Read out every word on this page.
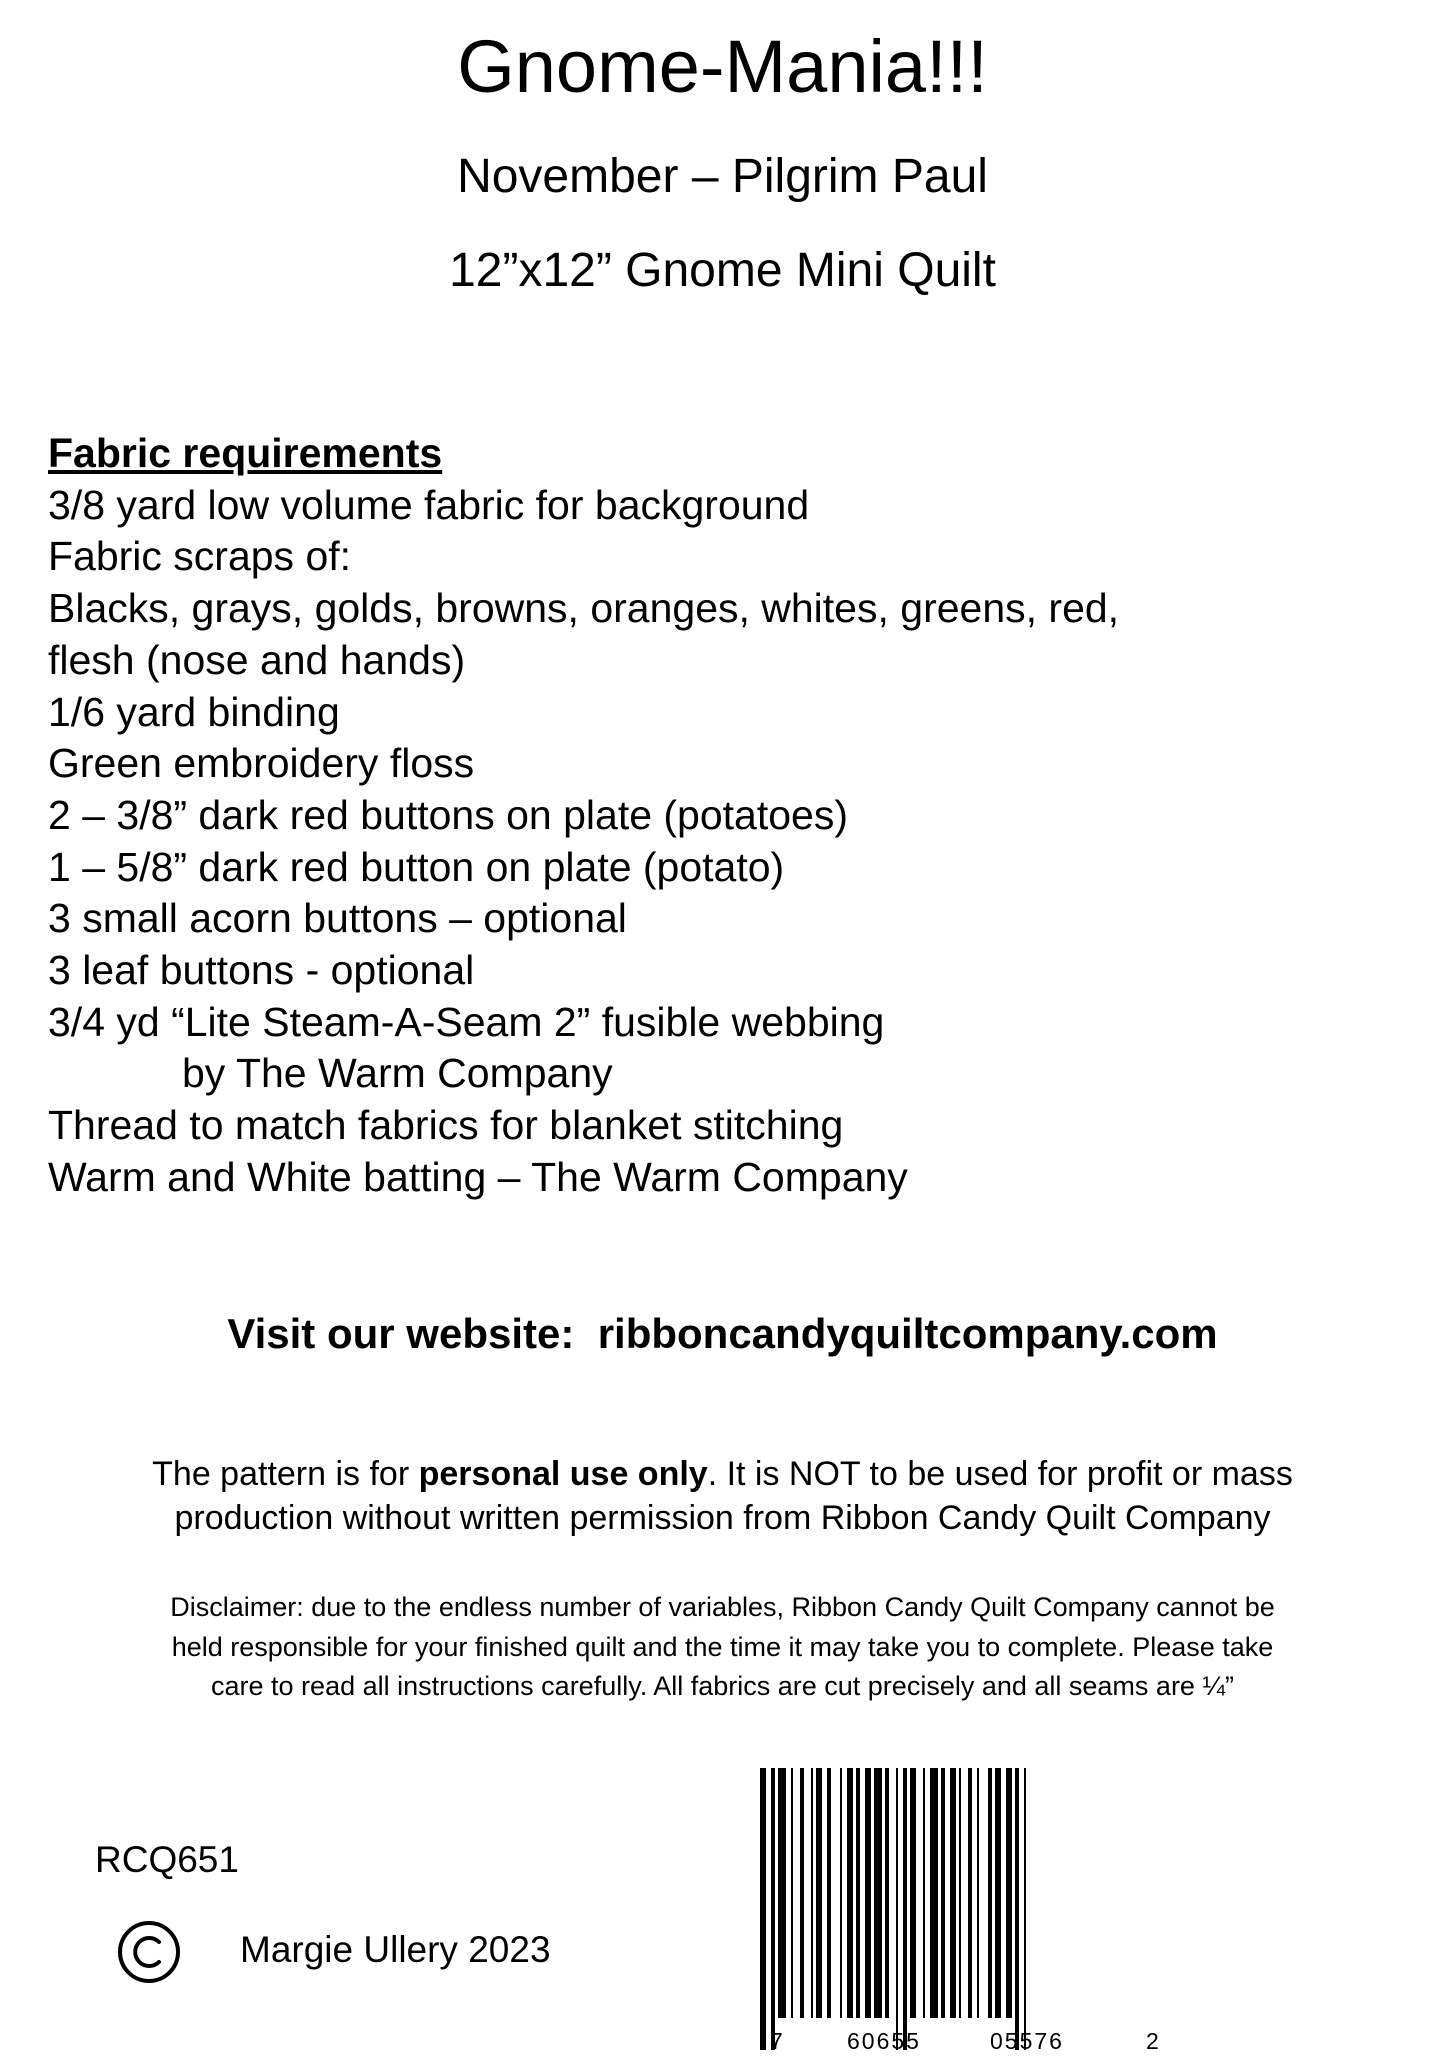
Gnome-Mania!!!
November – Pilgrim Paul
12”x12” Gnome Mini Quilt
Fabric requirements
3/8 yard low volume fabric for background
Fabric scraps of:
Blacks, grays, golds, browns, oranges, whites, greens, red,
flesh (nose and hands)
1/6 yard binding
Green embroidery floss
2 – 3/8” dark red buttons on plate (potatoes)
1 – 5/8” dark red button on plate (potato)
3 small acorn buttons – optional
3 leaf buttons - optional
3/4 yd “Lite Steam-A-Seam 2” fusible webbing
by The Warm Company
Thread to match fabrics for blanket stitching
Warm and White batting – The Warm Company
Visit our website: ribboncandyquiltcompany.com
The pattern is for personal use only. It is NOT to be used for profit or mass
production without written permission from Ribbon Candy Quilt Company
Disclaimer: due to the endless number of variables, Ribbon Candy Quilt Company cannot be
held responsible for your finished quilt and the time it may take you to complete. Please take
care to read all instructions carefully. All fabrics are cut precisely and all seams are ¼”
RCQ651
Margie Ullery 2023
7	60655	05576	2
